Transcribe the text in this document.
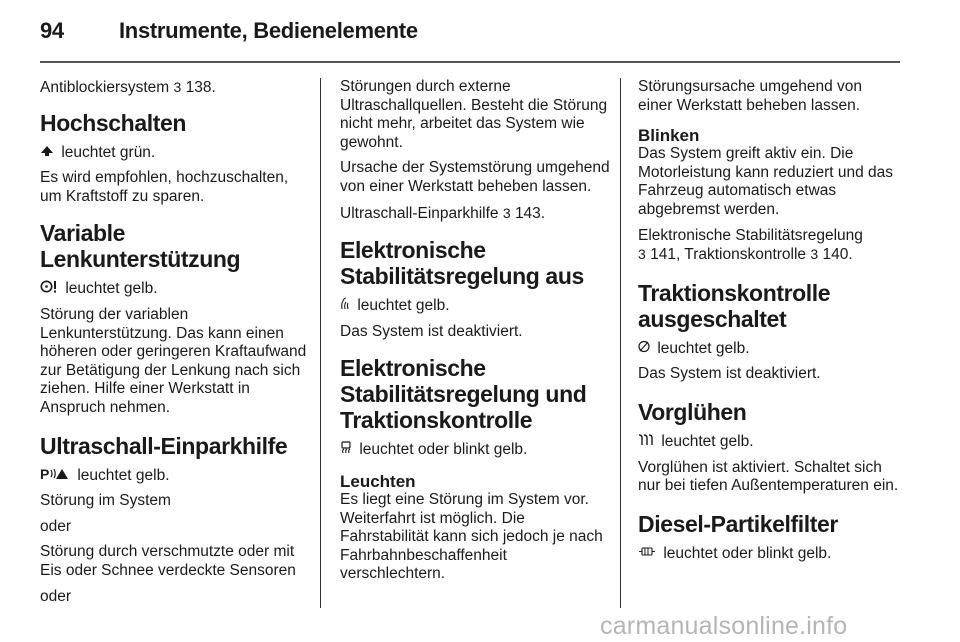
94	Instrumente, Bedienelemente
Antiblockiersystem 3 138.
Hochschalten
leuchtet grün.
Es wird empfohlen, hochzuschalten, um Kraftstoff zu sparen.
Variable Lenkunterstützung
leuchtet gelb.
Störung der variablen Lenkunterstützung. Das kann einen höheren oder geringeren Kraftaufwand zur Betätigung der Lenkung nach sich ziehen. Hilfe einer Werkstatt in Anspruch nehmen.
Ultraschall-Einparkhilfe
P leuchtet gelb.
Störung im System
oder
Störung durch verschmutzte oder mit Eis oder Schnee verdeckte Sensoren
oder
Störungen durch externe Ultraschallquellen. Besteht die Störung nicht mehr, arbeitet das System wie gewohnt.
Ursache der Systemstörung umgehend von einer Werkstatt beheben lassen.
Ultraschall-Einparkhilfe 3 143.
Elektronische Stabilitätsregelung aus
leuchtet gelb.
Das System ist deaktiviert.
Elektronische Stabilitätsregelung und Traktionskontrolle
leuchtet oder blinkt gelb.
Leuchten
Es liegt eine Störung im System vor. Weiterfahrt ist möglich. Die Fahrstabilität kann sich jedoch je nach Fahrbahnbeschaffenheit verschlechtern.
Störungsursache umgehend von einer Werkstatt beheben lassen.
Blinken
Das System greift aktiv ein. Die Motorleistung kann reduziert und das Fahrzeug automatisch etwas abgebremst werden.
Elektronische Stabilitätsregelung
3 141, Traktionskontrolle 3 140.
Traktionskontrolle ausgeschaltet
leuchtet gelb.
Das System ist deaktiviert.
Vorglühen
leuchtet gelb.
Vorglühen ist aktiviert. Schaltet sich nur bei tiefen Außentemperaturen ein.
Diesel-Partikelfilter
leuchtet oder blinkt gelb.
carmanualsonline.info
